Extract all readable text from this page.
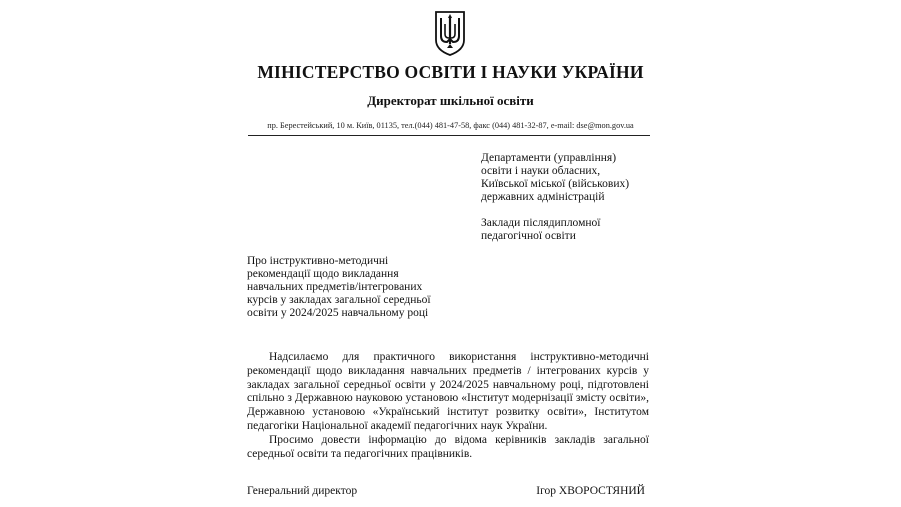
МІНІСТЕРСТВО ОСВІТИ І НАУКИ УКРАЇНИ
Директорат шкільної освіти
пр. Берестейський, 10 м. Київ, 01135, тел.(044) 481-47-58, факс (044) 481-32-87, e-mail: dse@mon.gov.ua
Департаменти (управління)
освіти і науки обласних,
Київської міської (військових)
державних адміністрацій
Заклади післядипломної
педагогічної освіти
Про інструктивно-методичні
рекомендації щодо викладання
навчальних предметів/інтегрованих
курсів у закладах загальної середньої
освіти у 2024/2025 навчальному році

Надсилаємо для практичного використання інструктивно-методичні рекомендації щодо викладання навчальних предметів / інтегрованих курсів у закладах загальної середньої освіти у 2024/2025 навчальному році, підготовлені спільно з Державною науковою установою «Інститут модернізації змісту освіти», Державною установою «Український інститут розвитку освіти», Інститутом педагогіки Національної академії педагогічних наук України.

Просимо довести інформацію до відома керівників закладів загальної середньої освіти та педагогічних працівників.

Генеральний директор	Ігор ХВОРОСТЯНИЙ
